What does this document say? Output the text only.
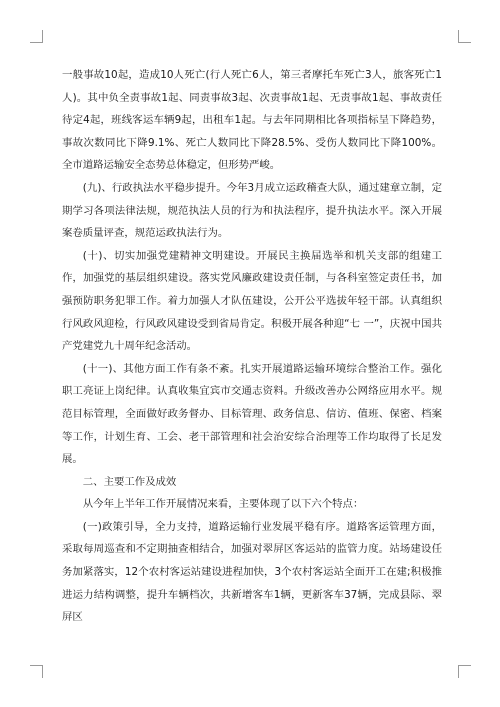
一般事故10起，造成10人死亡(行人死亡6人，第三者摩托车死亡3人，旅客死亡1人)。其中负全责事故1起、同责事故3起、次责事故1起、无责事故1起、事故责任待定4起，班线客运车辆9起，出租车1起。与去年同期相比各项指标呈下降趋势，事故次数同比下降9.1%、死亡人数同比下降28.5%、受伤人数同比下降100%。全市道路运输安全态势总体稳定，但形势严峻。

(九)、行政执法水平稳步提升。今年3月成立运政稽查大队，通过建章立制，定期学习各项法律法规，规范执法人员的行为和执法程序，提升执法水平。深入开展案卷质量评查，规范运政执法行为。

(十)、切实加强党建精神文明建设。开展民主换届选举和机关支部的组建工作，加强党的基层组织建设。落实党风廉政建设责任制，与各科室签定责任书，加强预防职务犯罪工作。着力加强人才队伍建设，公开公平选拔年轻干部。认真组织行风政风迎检，行风政风建设受到省局肯定。积极开展各种迎“七 一”，庆祝中国共产党建党九十周年纪念活动。

(十一)、其他方面工作有条不紊。扎实开展道路运输环境综合整治工作。强化职工亮证上岗纪律。认真收集宜宾市交通志资料。升级改善办公网络应用水平。规范目标管理，全面做好政务督办、目标管理、政务信息、信访、值班、保密、档案等工作，计划生育、工会、老干部管理和社会治安综合治理等工作均取得了长足发展。

二、主要工作及成效

从今年上半年工作开展情况来看，主要体现了以下六个特点：

(一)政策引导，全力支持，道路运输行业发展平稳有序。道路客运管理方面，采取每周巡查和不定期抽查相结合，加强对翠屏区客运站的监管力度。站场建设任务加紧落实，12个农村客运站建设进程加快，3个农村客运站全面开工在建;积极推进运力结构调整，提升车辆档次，共新增客车1辆，更新客车37辆，完成县际、翠屏区
